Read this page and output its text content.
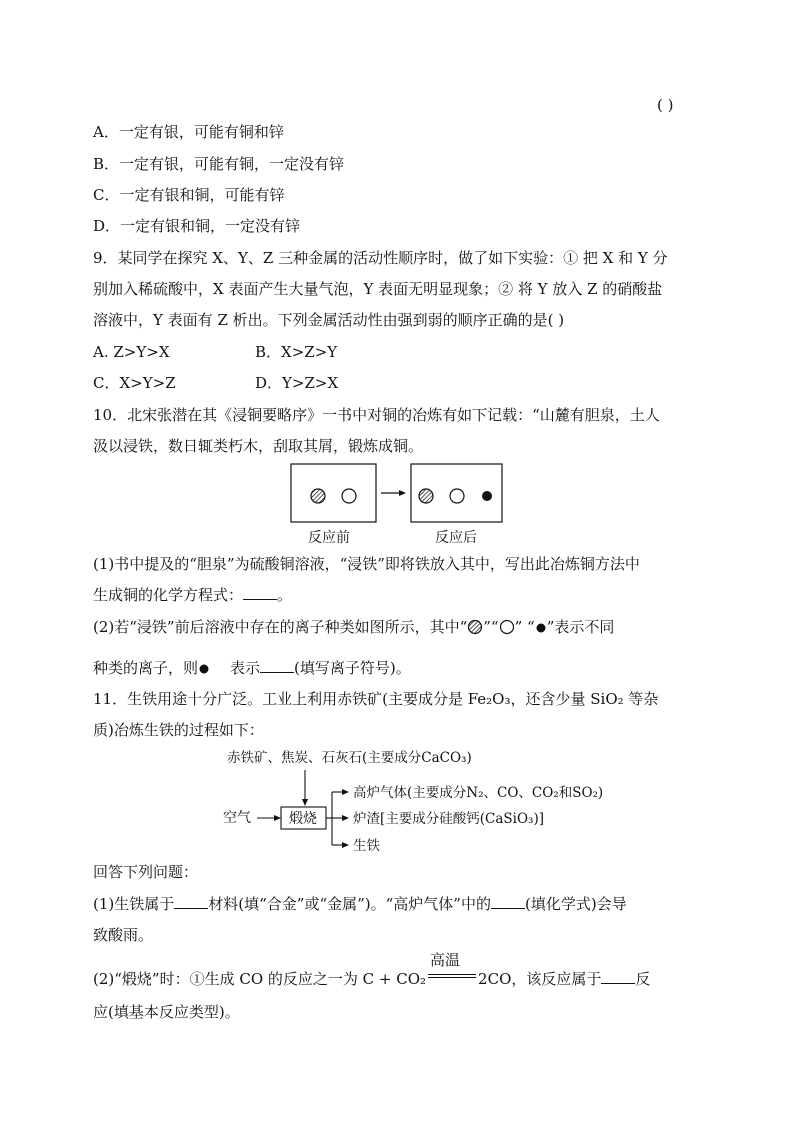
( )
A．一定有银，可能有铜和锌
B．一定有银，可能有铜，一定没有锌
C．一定有银和铜，可能有锌
D．一定有银和铜，一定没有锌
9．某同学在探究 X、Y、Z 三种金属的活动性顺序时，做了如下实验：① 把 X 和 Y 分
别加入稀硫酸中，X 表面产生大量气泡，Y 表面无明显现象；② 将 Y 放入 Z 的硝酸盐
溶液中，Y 表面有 Z 析出。下列金属活动性由强到弱的顺序正确的是( )
A. Z>Y>X	B．X>Z>Y
C．X>Y>Z	D．Y>Z>X
10．北宋张潜在其《浸铜要略序》一书中对铜的冶炼有如下记载：“山麓有胆泉，土人
汲以浸铁，数日辄类朽木，刮取其屑，锻炼成铜。
反应前	反应后
(1)书中提及的“胆泉”为硫酸铜溶液，“浸铁”即将铁放入其中，写出此冶炼铜方法中
生成铜的化学方程式： 。
(2)若“浸铁”前后溶液中存在的离子种类如图所示，其中“ ”“ ” “ ”表示不同
种类的离子，则 表示 (填写离子符号)。
11．生铁用途十分广泛。工业上利用赤铁矿(主要成分是 Fe₂O₃，还含少量 SiO₂ 等杂
质)冶炼生铁的过程如下：
赤铁矿、焦炭、石灰石(主要成分CaCO₃)
空气	煅烧
高炉气体(主要成分N₂、CO、CO₂和SO₂)
炉渣[主要成分硅酸钙(CaSiO₃)]
生铁
回答下列问题：
(1)生铁属于 材料(填“合金”或“金属”)。“高炉气体”中的 (填化学式)会导
致酸雨。
(2)“煅烧”时：①生成 CO 的反应之一为 C + CO₂
高温
2CO，该反应属于 反
应(填基本反应类型)。
